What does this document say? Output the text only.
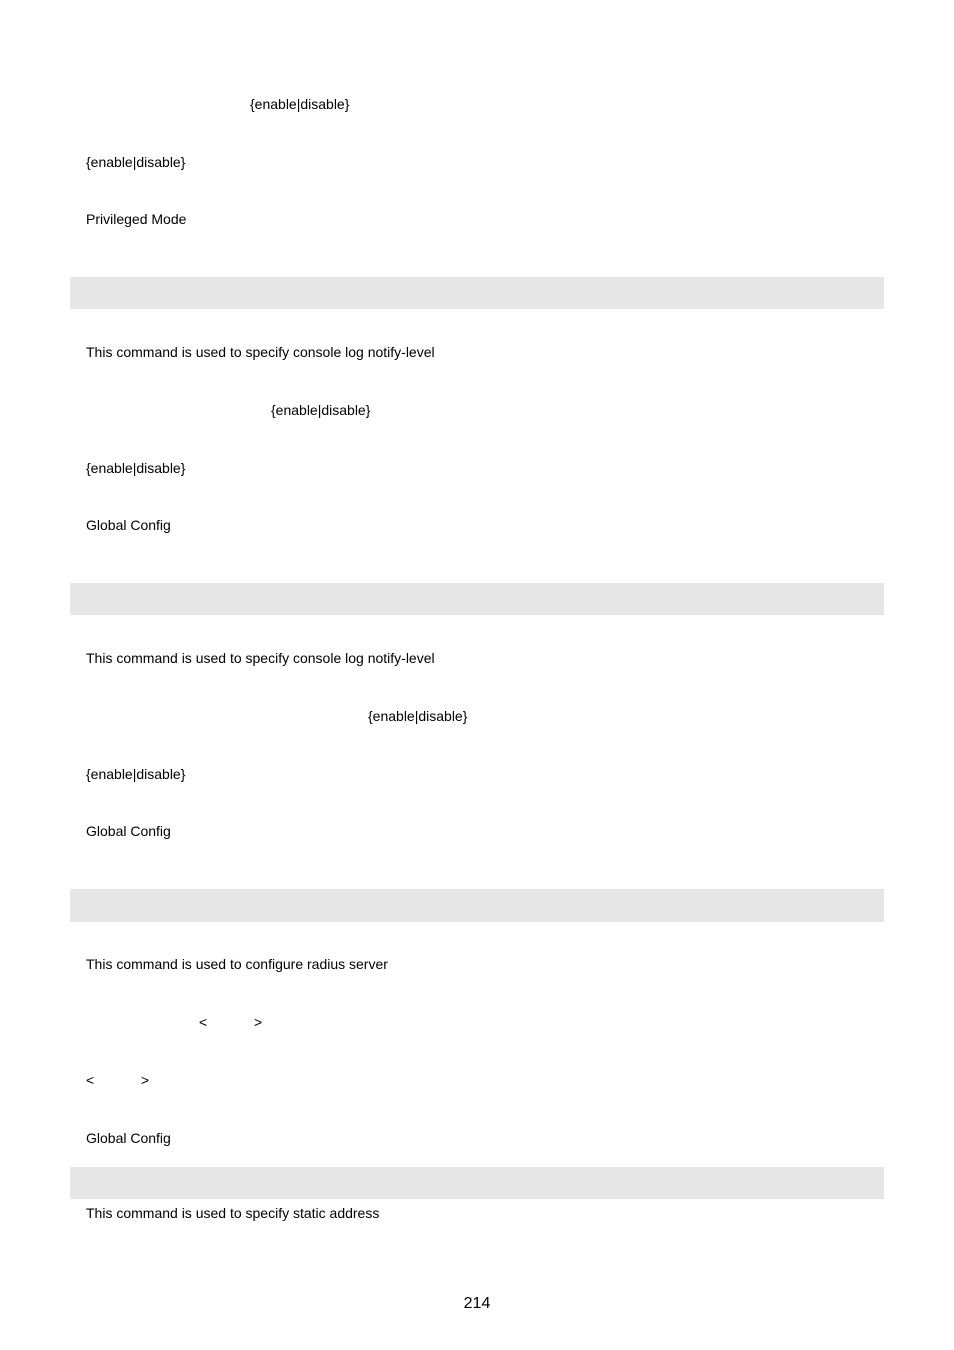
{enable|disable}
{enable|disable}
Privileged Mode
This command is used to specify console log notify-level
{enable|disable}
{enable|disable}
Global Config
This command is used to specify console log notify-level
{enable|disable}
{enable|disable}
Global Config
This command is used to configure radius server
<	>
<	>
Global Config
This command is used to specify static address
214
